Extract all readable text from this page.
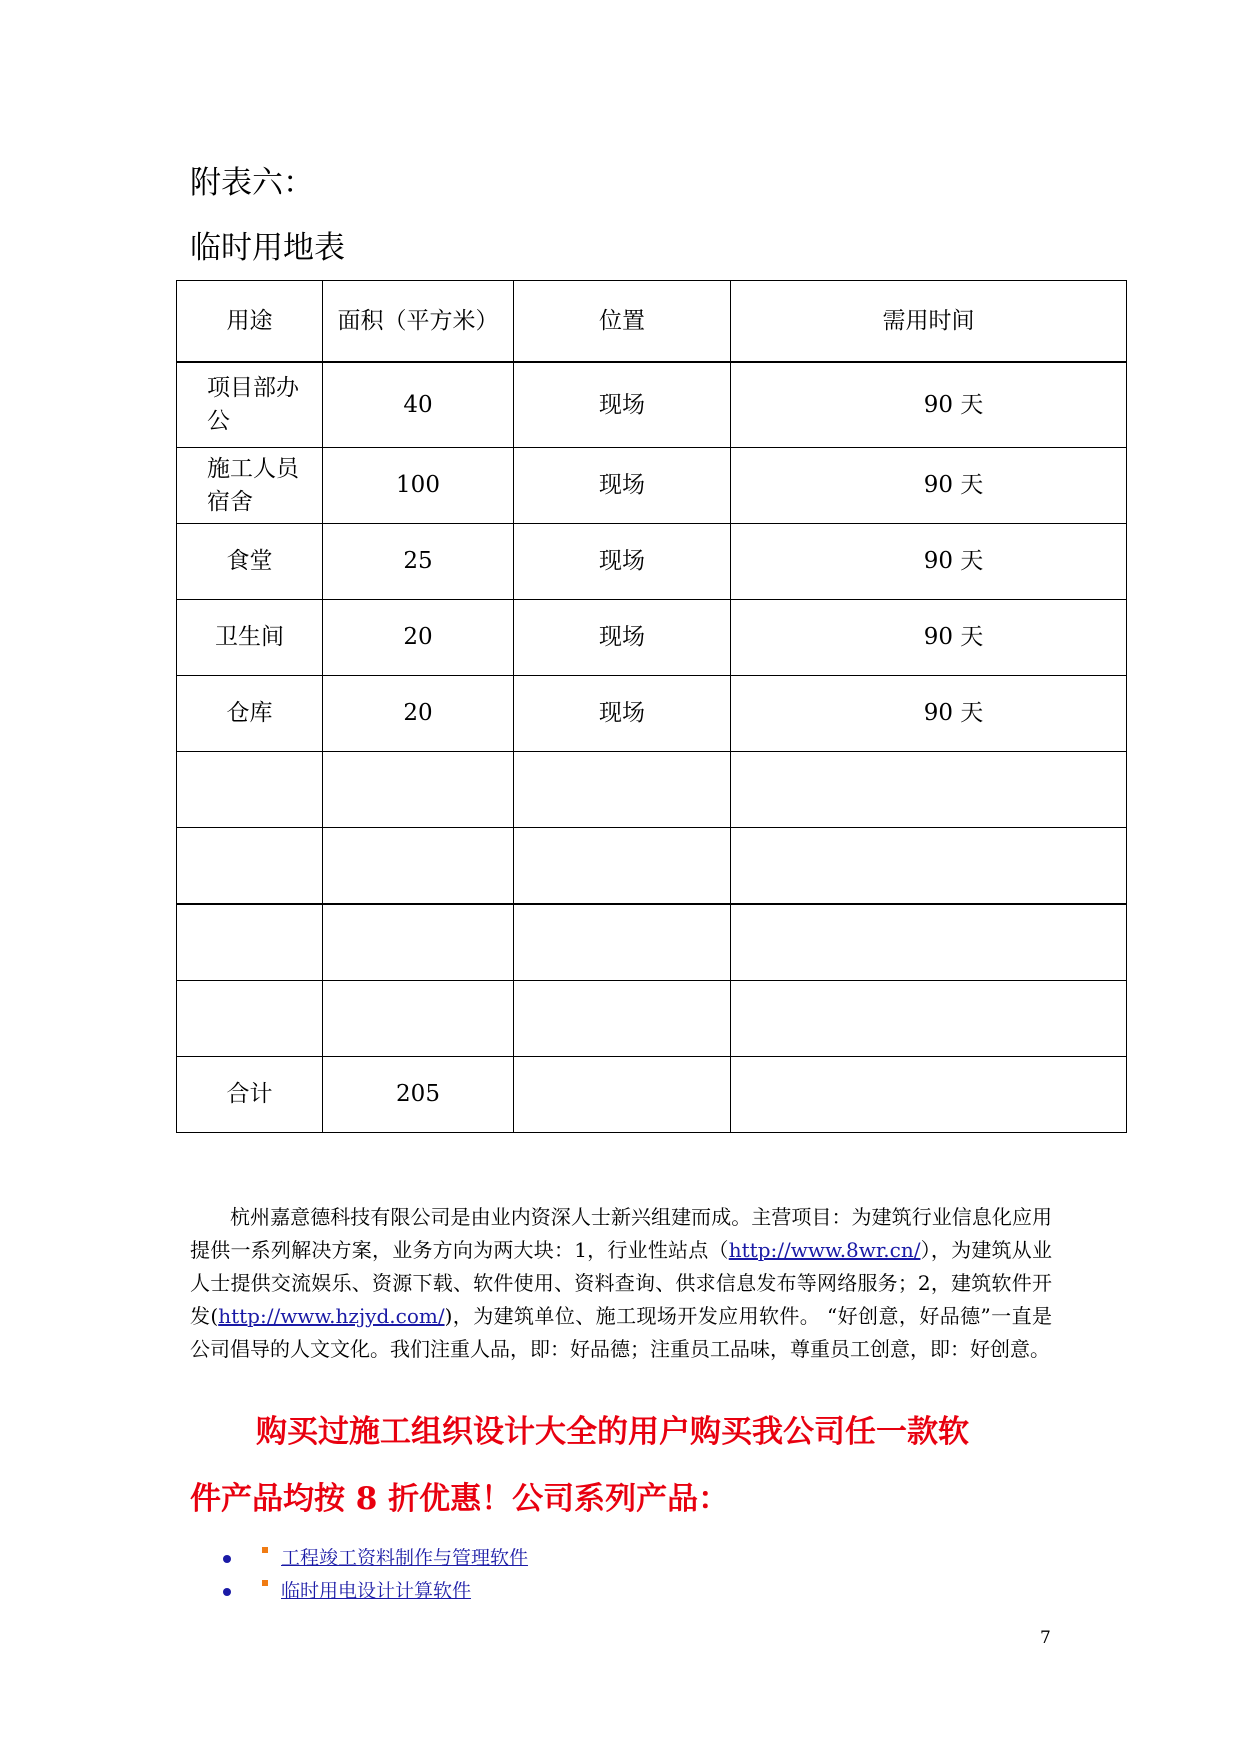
附表六：
临时用地表
用途	面积（平方米）	位置	需用时间
项目部办公	40	现场	90 天
施工人员宿舍	100	现场	90 天
食堂	25	现场	90 天
卫生间	20	现场	90 天
仓库	20	现场	90 天

合计	205		

杭州嘉意德科技有限公司是由业内资深人士新兴组建而成。主营项目：为建筑行业信息化应用提供一系列解决方案，业务方向为两大块：1，行业性站点（http://www.8wr.cn/），为建筑从业人士提供交流娱乐、资源下载、软件使用、资料查询、供求信息发布等网络服务；2，建筑软件开发(http://www.hzjyd.com/)，为建筑单位、施工现场开发应用软件。 “好创意，好品德”一直是公司倡导的人文文化。我们注重人品，即：好品德；注重员工品味，尊重员工创意，即：好创意。

购买过施工组织设计大全的用户购买我公司任一款软
件产品均按 8 折优惠！公司系列产品：
工程竣工资料制作与管理软件
临时用电设计计算软件
7
